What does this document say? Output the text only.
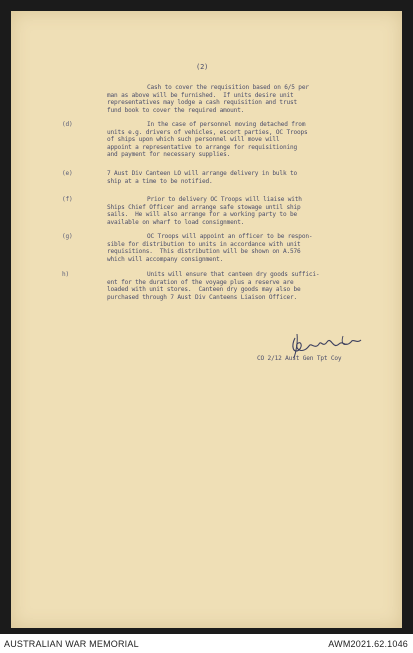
(2)
Cash to cover the requisition based on 6/5 per
man as above will be furnished.  If units desire unit
representatives may lodge a cash requisition and trust
fund book to cover the required amount.
(d)	In the case of personnel moving detached from
units e.g. drivers of vehicles, escort parties, OC Troops
of ships upon which such personnel will move will
appoint a representative to arrange for requisitioning
and payment for necessary supplies.
(e)	7 Aust Div Canteen LO will arrange delivery in bulk to
ship at a time to be notified.
(f)	Prior to delivery OC Troops will liaise with
Ships Chief Officer and arrange safe stowage until ship
sails.  He will also arrange for a working party to be
available on wharf to load consignment.
(g)	OC Troops will appoint an officer to be respon-
sible for distribution to units in accordance with unit
requisitions.  This distribution will be shown on A.576
which will accompany consignment.
h)	Units will ensure that canteen dry goods suffici-
ent for the duration of the voyage plus a reserve are
loaded with unit stores.  Canteen dry goods may also be
purchased through 7 Aust Div Canteens Liaison Officer.
CO 2/12 Aust Gen Tpt Coy
AUSTRALIAN WAR MEMORIAL	AWM2021.62.1046
